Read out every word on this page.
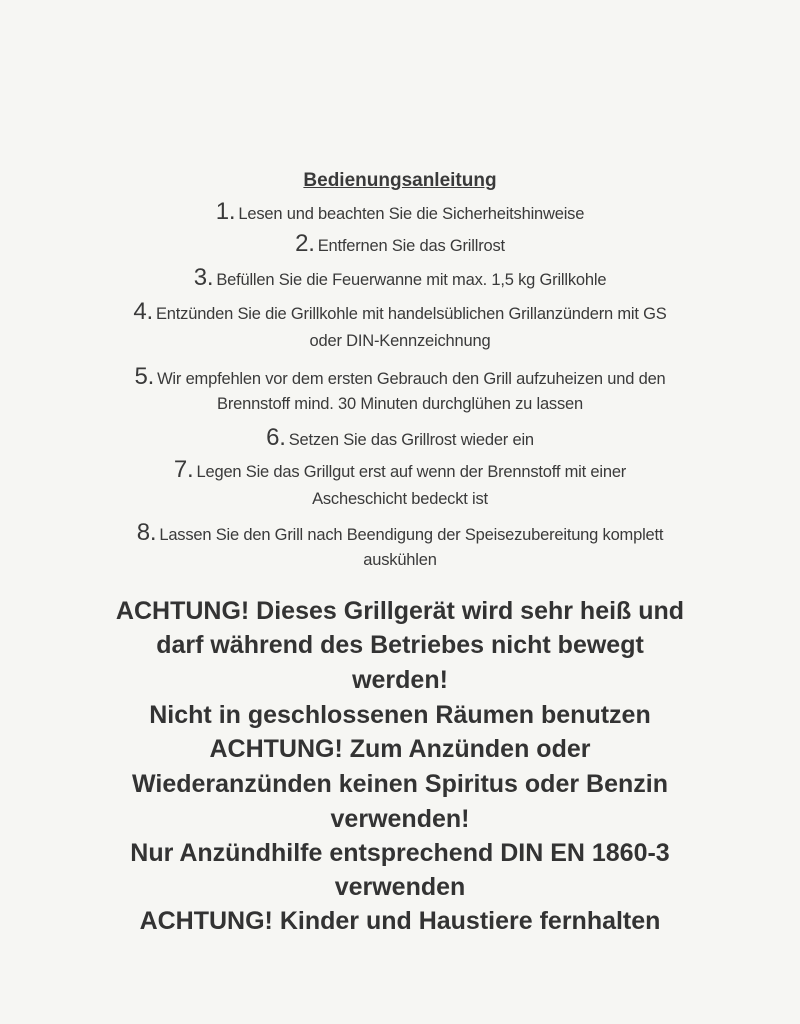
Bedienungsanleitung
1. Lesen und beachten Sie die Sicherheitshinweise
2. Entfernen Sie das Grillrost
3. Befüllen Sie die Feuerwanne mit max. 1,5 kg Grillkohle
4. Entzünden Sie die Grillkohle mit handelsüblichen Grillanzündern mit GS
oder DIN-Kennzeichnung
5. Wir empfehlen vor dem ersten Gebrauch den Grill aufzuheizen und den
Brennstoff mind. 30 Minuten durchglühen zu lassen
6. Setzen Sie das Grillrost wieder ein
7. Legen Sie das Grillgut erst auf wenn der Brennstoff mit einer
Ascheschicht bedeckt ist
8. Lassen Sie den Grill nach Beendigung der Speisezubereitung komplett
auskühlen
ACHTUNG! Dieses Grillgerät wird sehr heiß und
darf während des Betriebes nicht bewegt
werden!
Nicht in geschlossenen Räumen benutzen
ACHTUNG! Zum Anzünden oder
Wiederanzünden keinen Spiritus oder Benzin
verwenden!
Nur Anzündhilfe entsprechend DIN EN 1860-3
verwenden
ACHTUNG! Kinder und Haustiere fernhalten
